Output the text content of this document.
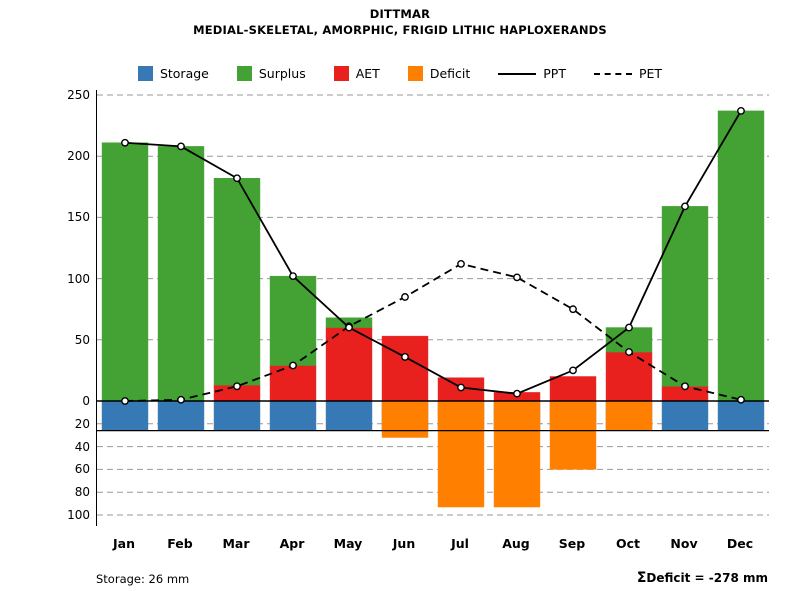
DITTMAR
MEDIAL-SKELETAL, AMORPHIC, FRIGID LITHIC HAPLOXERANDS
Storage	Surplus	AET	Deficit	PPT	PET
0
50
100
150
200
250
20
40
60
80
100
Jan	Feb Mar Apr May Jun	Jul	Aug Sep Oct Nov Dec
Storage: 26 mm	ΣDeficit = -278 mm
